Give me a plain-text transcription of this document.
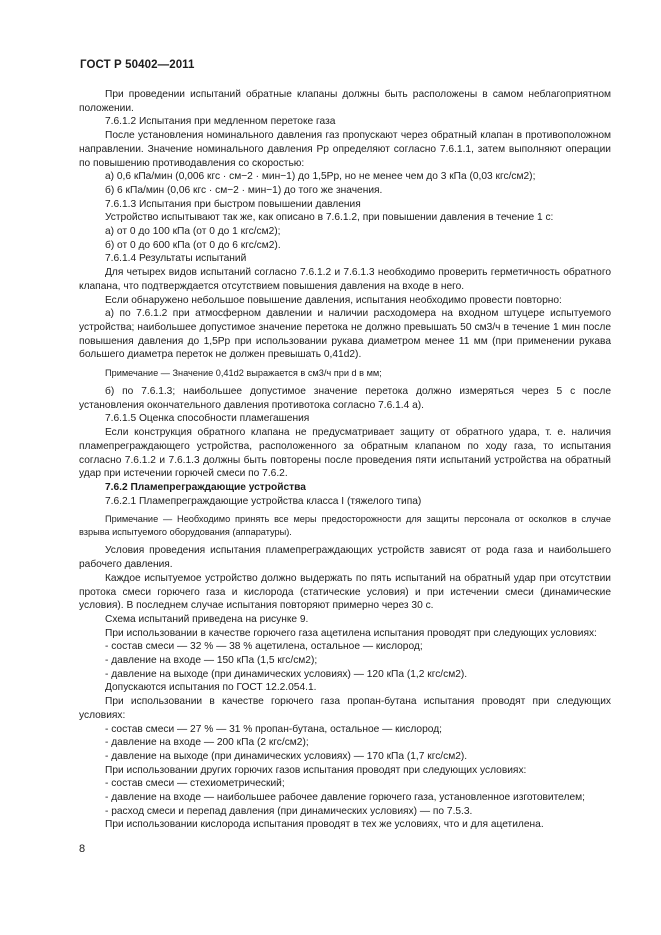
ГОСТ Р 50402—2011

При проведении испытаний обратные клапаны должны быть расположены в самом неблагоприятном положении.

7.6.1.2 Испытания при медленном перетоке газа

После установления номинального давления газ пропускают через обратный клапан в противоположном направлении. Значение номинального давления Pp определяют согласно 7.6.1.1, затем выполняют операции по повышению противодавления со скоростью:

а) 0,6 кПа/мин (0,006 кгс · см−2 · мин−1) до 1,5Pp, но не менее чем до 3 кПа (0,03 кгс/см2);

б) 6 кПа/мин (0,06 кгс · см−2 · мин−1) до того же значения.

7.6.1.3 Испытания при быстром повышении давления

Устройство испытывают так же, как описано в 7.6.1.2, при повышении давления в течение 1 с:

а) от 0 до 100 кПа (от 0 до 1 кгс/см2);

б) от 0 до 600 кПа (от 0 до 6 кгс/см2).

7.6.1.4 Результаты испытаний

Для четырех видов испытаний согласно 7.6.1.2 и 7.6.1.3 необходимо проверить герметичность обратного клапана, что подтверждается отсутствием повышения давления на входе в него.

Если обнаружено небольшое повышение давления, испытания необходимо провести повторно:

а) по 7.6.1.2 при атмосферном давлении и наличии расходомера на входном штуцере испытуемого устройства; наибольшее допустимое значение перетока не должно превышать 50 см3/ч в течение 1 мин после повышения давления до 1,5Pp при использовании рукава диаметром менее 11 мм (при применении рукава большего диаметра переток не должен превышать 0,41d2).

Примечание — Значение 0,41d2 выражается в см3/ч при d в мм;

б) по 7.6.1.3; наибольшее допустимое значение перетока должно измеряться через 5 с после установления окончательного давления противотока согласно 7.6.1.4 а).

7.6.1.5 Оценка способности пламегашения

Если конструкция обратного клапана не предусматривает защиту от обратного удара, т. е. наличия пламепреграждающего устройства, расположенного за обратным клапаном по ходу газа, то испытания согласно 7.6.1.2 и 7.6.1.3 должны быть повторены после проведения пяти испытаний устройства на обратный удар при истечении горючей смеси по 7.6.2.

7.6.2 Пламепреграждающие устройства

7.6.2.1 Пламепреграждающие устройства класса I (тяжелого типа)

Примечание — Необходимо принять все меры предосторожности для защиты персонала от осколков в случае взрыва испытуемого оборудования (аппаратуры).

Условия проведения испытания пламепреграждающих устройств зависят от рода газа и наибольшего рабочего давления.

Каждое испытуемое устройство должно выдержать по пять испытаний на обратный удар при отсутствии протока смеси горючего газа и кислорода (статические условия) и при истечении смеси (динамические условия). В последнем случае испытания повторяют примерно через 30 с.

Схема испытаний приведена на рисунке 9.

При использовании в качестве горючего газа ацетилена испытания проводят при следующих условиях:

- состав смеси — 32 % — 38 % ацетилена, остальное — кислород;

- давление на входе — 150 кПа (1,5 кгс/см2);

- давление на выходе (при динамических условиях) — 120 кПа (1,2 кгс/см2).

Допускаются испытания по ГОСТ 12.2.054.1.

При использовании в качестве горючего газа пропан-бутана испытания проводят при следующих условиях:

- состав смеси — 27 % — 31 % пропан-бутана, остальное — кислород;

- давление на входе — 200 кПа (2 кгс/см2);

- давление на выходе (при динамических условиях) — 170 кПа (1,7 кгс/см2).

При использовании других горючих газов испытания проводят при следующих условиях:

- состав смеси — стехиометрический;

- давление на входе — наибольшее рабочее давление горючего газа, установленное изготовителем;

- расход смеси и перепад давления (при динамических условиях) — по 7.5.3.

При использовании кислорода испытания проводят в тех же условиях, что и для ацетилена.

8
